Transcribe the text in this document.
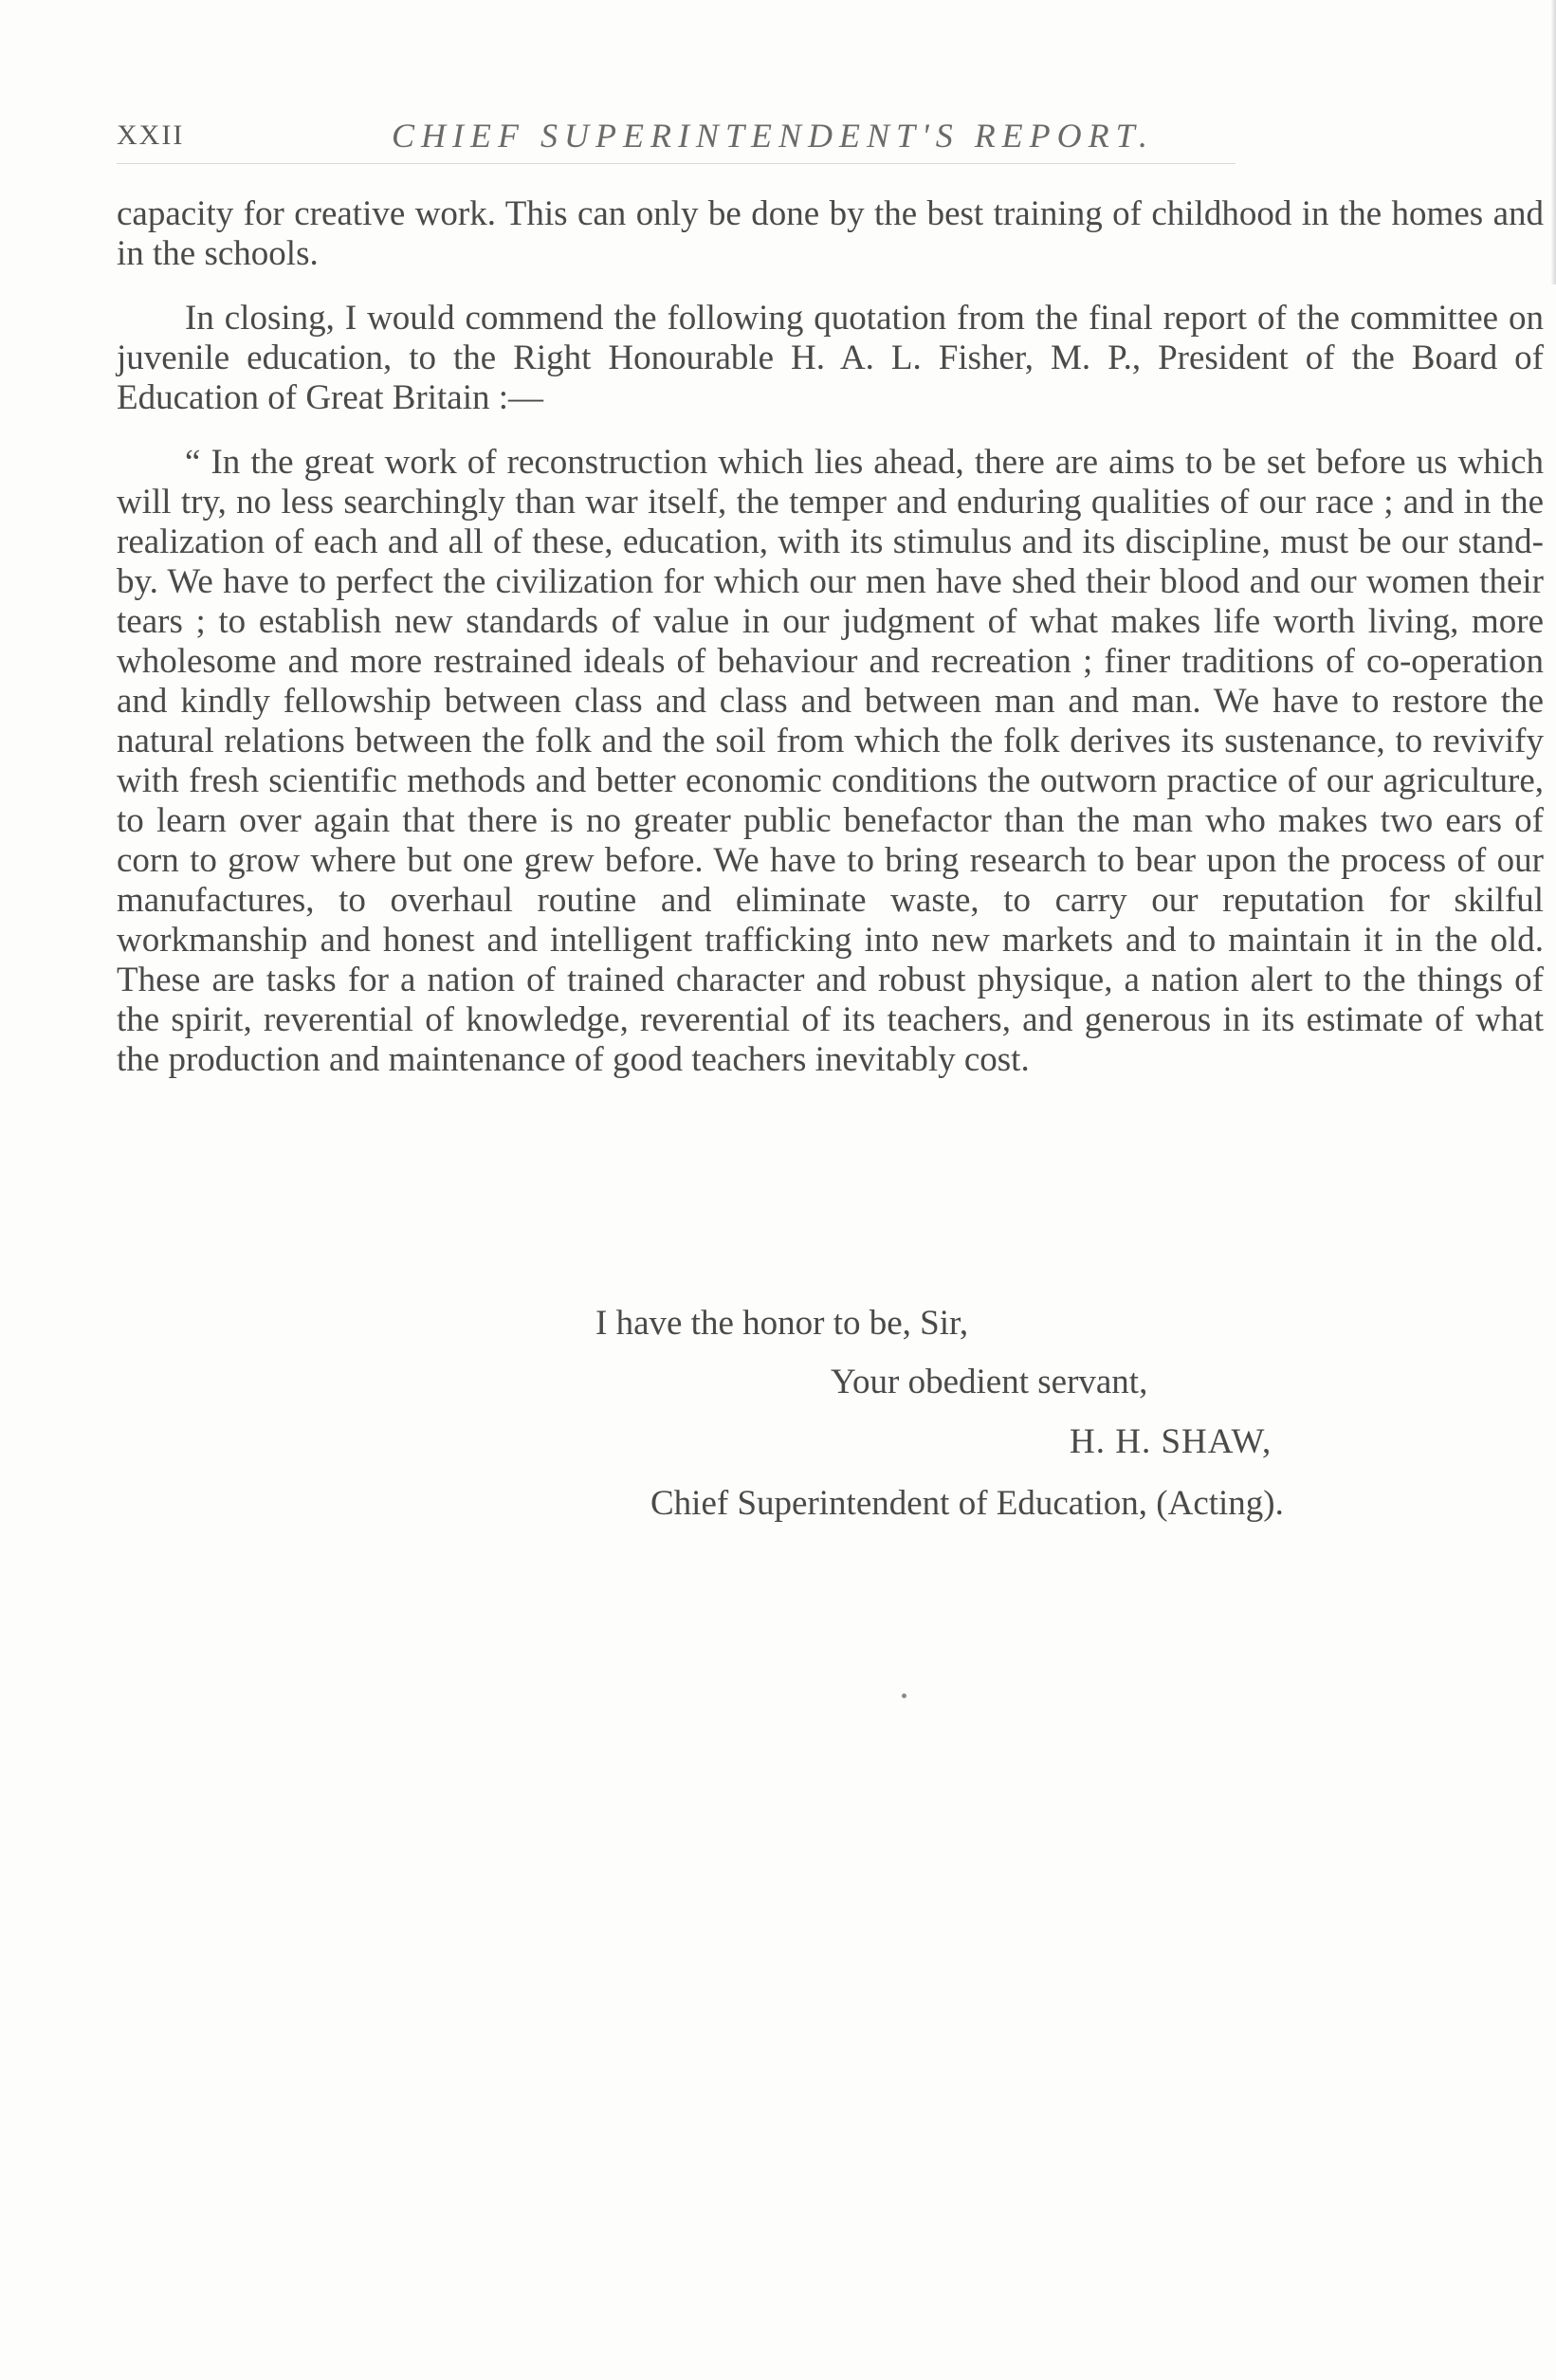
XXII	CHIEF SUPERINTENDENT'S REPORT.

capacity for creative work. This can only be done by the best training of childhood in the homes and in the schools.

In closing, I would commend the following quotation from the final report of the committee on juvenile education, to the Right Honourable H. A. L. Fisher, M. P., President of the Board of Education of Great Britain :—

“ In the great work of reconstruction which lies ahead, there are aims to be set before us which will try, no less searchingly than war itself, the temper and enduring qualities of our race ; and in the realization of each and all of these, education, with its stimulus and its discipline, must be our stand-by. We have to perfect the civilization for which our men have shed their blood and our women their tears ; to establish new standards of value in our judgment of what makes life worth living, more wholesome and more restrained ideals of behaviour and recreation ; finer traditions of co-operation and kindly fellowship between class and class and between man and man. We have to restore the natural relations between the folk and the soil from which the folk derives its sustenance, to revivify with fresh scientific methods and better economic conditions the outworn practice of our agriculture, to learn over again that there is no greater public benefactor than the man who makes two ears of corn to grow where but one grew before. We have to bring research to bear upon the process of our manufactures, to overhaul routine and eliminate waste, to carry our reputation for skilful workmanship and honest and intelligent trafficking into new markets and to maintain it in the old. These are tasks for a nation of trained character and robust physique, a nation alert to the things of the spirit, reverential of knowledge, reverential of its teachers, and generous in its estimate of what the production and maintenance of good teachers inevitably cost.

I have the honor to be, Sir,
Your obedient servant,
H. H. SHAW,
Chief Superintendent of Education, (Acting).
